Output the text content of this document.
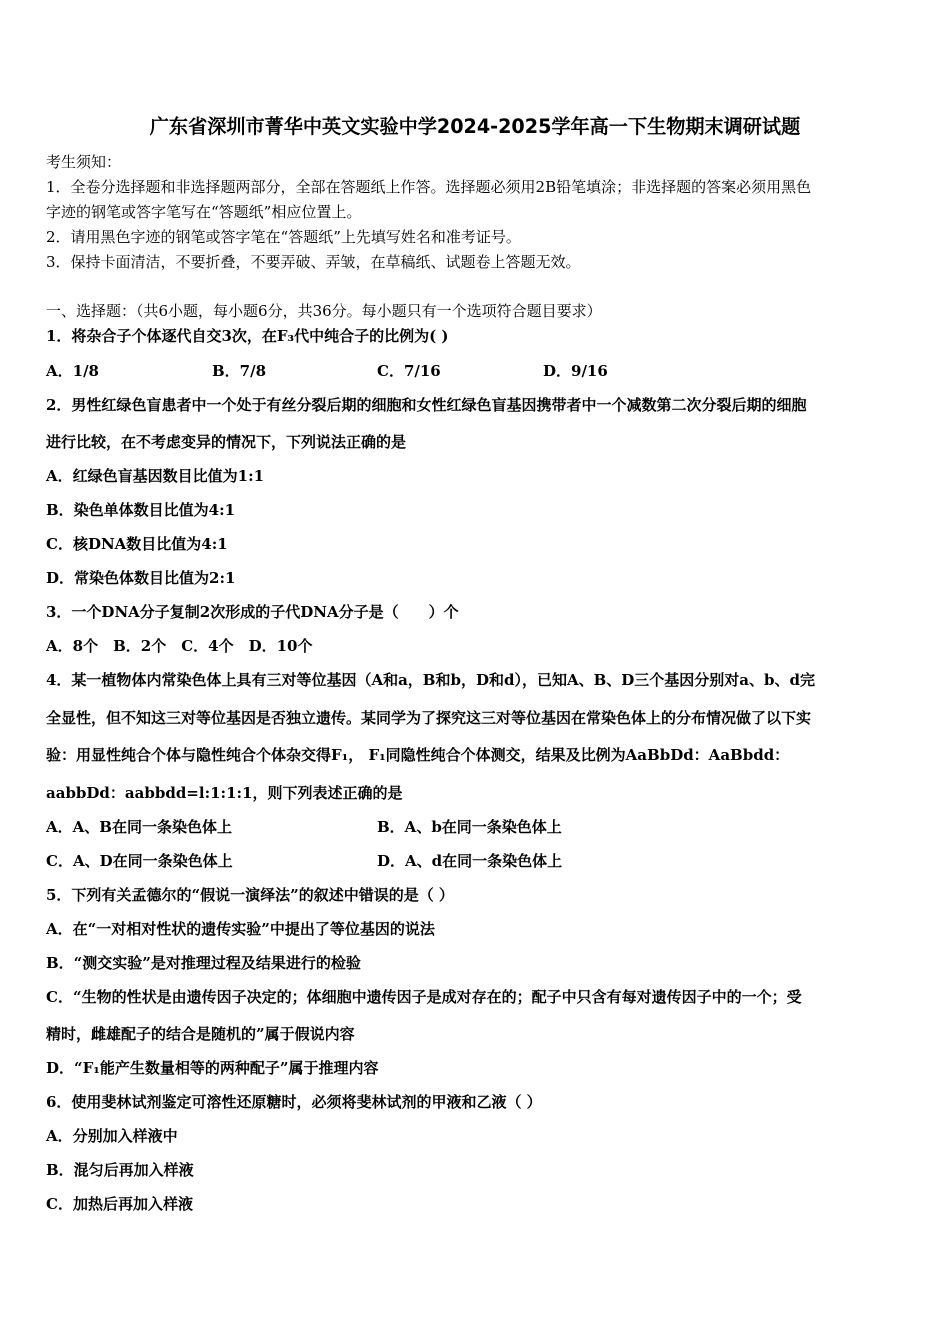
广东省深圳市菁华中英文实验中学2024-2025学年高一下生物期末调研试题
考生须知：
1．全卷分选择题和非选择题两部分，全部在答题纸上作答。选择题必须用2B铅笔填涂；非选择题的答案必须用黑色
字迹的钢笔或答字笔写在“答题纸”相应位置上。
2．请用黑色字迹的钢笔或答字笔在“答题纸”上先填写姓名和准考证号。
3．保持卡面清洁，不要折叠，不要弄破、弄皱，在草稿纸、试题卷上答题无效。
一、选择题：（共6小题，每小题6分，共36分。每小题只有一个选项符合题目要求）
1．将杂合子个体逐代自交3次，在F₃代中纯合子的比例为( )
A．1/8	B．7/8	C．7/16	D．9/16
2．男性红绿色盲患者中一个处于有丝分裂后期的细胞和女性红绿色盲基因携带者中一个减数第二次分裂后期的细胞
进行比较，在不考虑变异的情况下，下列说法正确的是
A．红绿色盲基因数目比值为1:1
B．染色单体数目比值为4:1
C．核DNA数目比值为4:1
D．常染色体数目比值为2:1
3．一个DNA分子复制2次形成的子代DNA分子是（　　）个
A．8个　B．2个　C．4个　D．10个
4．某一植物体内常染色体上具有三对等位基因（A和a，B和b，D和d），已知A、B、D三个基因分别对a、b、d完
全显性，但不知这三对等位基因是否独立遗传。某同学为了探究这三对等位基因在常染色体上的分布情况做了以下实
验：用显性纯合个体与隐性纯合个体杂交得F₁， F₁同隐性纯合个体测交，结果及比例为AaBbDd：AaBbdd：
aabbDd：aabbdd=l:1:1:1，则下列表述正确的是
A．A、B在同一条染色体上	B．A、b在同一条染色体上
C．A、D在同一条染色体上	D．A、d在同一条染色体上
5．下列有关孟德尔的“假说一演绎法”的叙述中错误的是（ ）
A．在“一对相对性状的遗传实验”中提出了等位基因的说法
B．“测交实验”是对推理过程及结果进行的检验
C．“生物的性状是由遗传因子决定的；体细胞中遗传因子是成对存在的；配子中只含有每对遗传因子中的一个；受
精时，雌雄配子的结合是随机的”属于假说内容
D．“F₁能产生数量相等的两种配子”属于推理内容
6．使用斐林试剂鉴定可溶性还原糖时，必须将斐林试剂的甲液和乙液（ ）
A．分别加入样液中
B．混匀后再加入样液
C．加热后再加入样液
